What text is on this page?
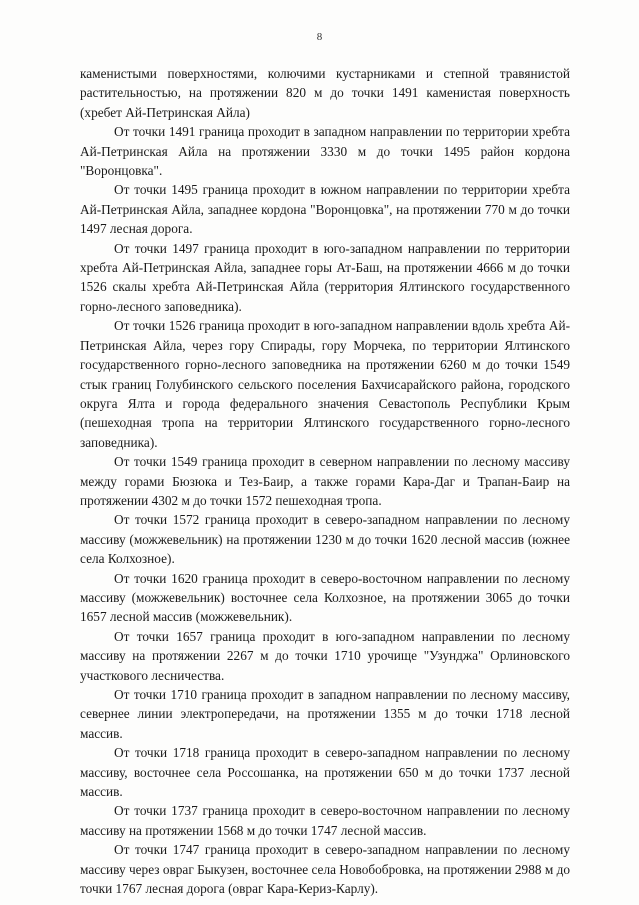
8

каменистыми поверхностями, колючими кустарниками и степной травянистой растительностью, на протяжении 820 м до точки 1491 каменистая поверхность (хребет Ай-Петринская Айла)

От точки 1491 граница проходит в западном направлении по территории хребта Ай-Петринская Айла на протяжении 3330 м до точки 1495 район кордона "Воронцовка".

От точки 1495 граница проходит в южном направлении по территории хребта Ай-Петринская Айла, западнее кордона "Воронцовка", на протяжении 770 м до точки 1497 лесная дорога.

От точки 1497 граница проходит в юго-западном направлении по территории хребта Ай-Петринская Айла, западнее горы Ат-Баш, на протяжении 4666 м до точки 1526 скалы хребта Ай-Петринская Айла (территория Ялтинского государственного горно-лесного заповедника).

От точки 1526 граница проходит в юго-западном направлении вдоль хребта Ай-Петринская Айла, через гору Спирады, гору Морчека, по территории Ялтинского государственного горно-лесного заповедника на протяжении 6260 м до точки 1549 стык границ Голубинского сельского поселения Бахчисарайского района, городского округа Ялта и города федерального значения Севастополь Республики Крым (пешеходная тропа на территории Ялтинского государственного горно-лесного заповедника).

От точки 1549 граница проходит в северном направлении по лесному массиву между горами Бюзюка и Тез-Баир, а также горами Кара-Даг и Трапан-Баир на протяжении 4302 м до точки 1572 пешеходная тропа.

От точки 1572 граница проходит в северо-западном направлении по лесному массиву (можжевельник) на протяжении 1230 м до точки 1620 лесной массив (южнее села Колхозное).

От точки 1620 граница проходит в северо-восточном направлении по лесному массиву (можжевельник) восточнее села Колхозное, на протяжении 3065 до точки 1657 лесной массив (можжевельник).

От точки 1657 граница проходит в юго-западном направлении по лесному массиву на протяжении 2267 м до точки 1710 урочище "Узунджа" Орлиновского участкового лесничества.

От точки 1710 граница проходит в западном направлении по лесному массиву, севернее линии электропередачи, на протяжении 1355 м до точки 1718 лесной массив.

От точки 1718 граница проходит в северо-западном направлении по лесному массиву, восточнее села Россошанка, на протяжении 650 м до точки 1737 лесной массив.

От точки 1737 граница проходит в северо-восточном направлении по лесному массиву на протяжении 1568 м до точки 1747 лесной массив.

От точки 1747 граница проходит в северо-западном направлении по лесному массиву через овраг Быкузен, восточнее села Новобобровка, на протяжении 2988 м до точки 1767 лесная дорога (овраг Кара-Кериз-Карлу).
